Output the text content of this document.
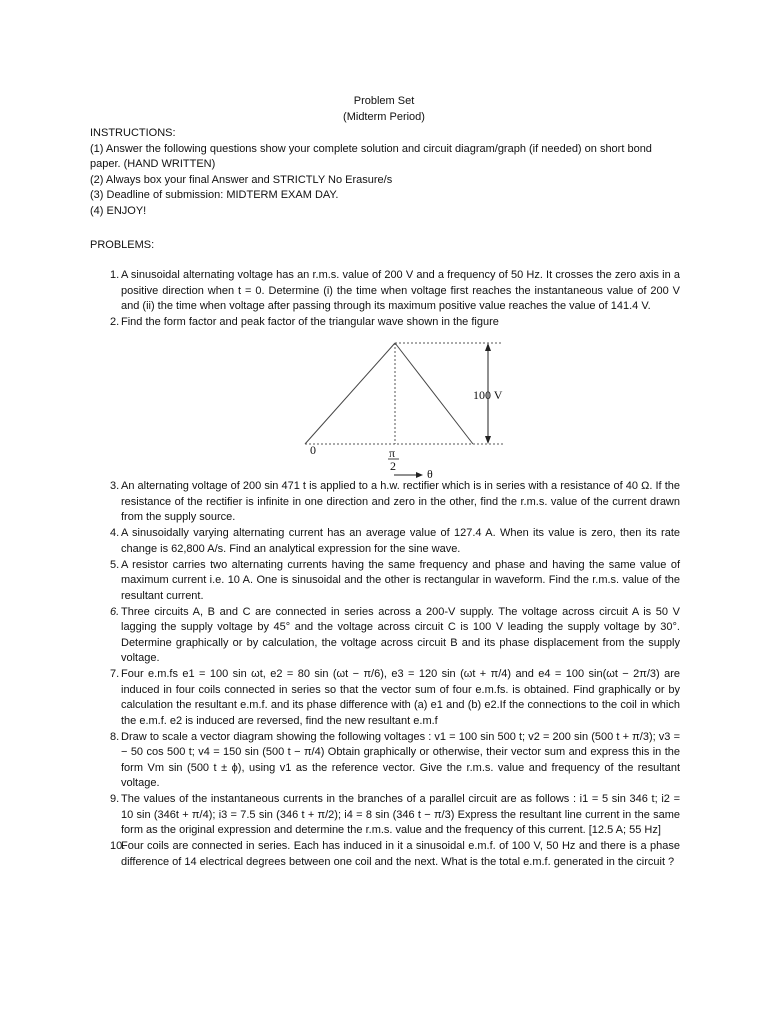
Problem Set
(Midterm Period)
INSTRUCTIONS:
(1) Answer the following questions show your complete solution and circuit diagram/graph (if needed) on short bond paper. (HAND WRITTEN)
(2) Always box your final Answer and STRICTLY No Erasure/s
(3) Deadline of submission: MIDTERM EXAM DAY.
(4) ENJOY!
PROBLEMS:
1. A sinusoidal alternating voltage has an r.m.s. value of 200 V and a frequency of 50 Hz. It crosses the zero axis in a positive direction when t = 0. Determine (i) the time when voltage first reaches the instantaneous value of 200 V and (ii) the time when voltage after passing through its maximum positive value reaches the value of 141.4 V.
2. Find the form factor and peak factor of the triangular wave shown in the figure
100 V
0	π
2
θ
3. An alternating voltage of 200 sin 471 t is applied to a h.w. rectifier which is in series with a resistance of 40 Ω. If the resistance of the rectifier is infinite in one direction and zero in the other, find the r.m.s. value of the current drawn from the supply source.
4. A sinusoidally varying alternating current has an average value of 127.4 A. When its value is zero, then its rate change is 62,800 A/s. Find an analytical expression for the sine wave.
5. A resistor carries two alternating currents having the same frequency and phase and having the same value of maximum current i.e. 10 A. One is sinusoidal and the other is rectangular in waveform. Find the r.m.s. value of the resultant current.
6. Three circuits A, B and C are connected in series across a 200-V supply. The voltage across circuit A is 50 V lagging the supply voltage by 45° and the voltage across circuit C is 100 V leading the supply voltage by 30°. Determine graphically or by calculation, the voltage across circuit B and its phase displacement from the supply voltage.
7. Four e.m.fs e1 = 100 sin ωt, e2 = 80 sin (ωt − π/6), e3 = 120 sin (ωt + π/4) and e4 = 100 sin(ωt − 2π/3) are induced in four coils connected in series so that the vector sum of four e.m.fs. is obtained. Find graphically or by calculation the resultant e.m.f. and its phase difference with (a) e1 and (b) e2.If the connections to the coil in which the e.m.f. e2 is induced are reversed, find the new resultant e.m.f
8. Draw to scale a vector diagram showing the following voltages : v1 = 100 sin 500 t; v2 = 200 sin (500 t + π/3); v3 = − 50 cos 500 t; v4 = 150 sin (500 t − π/4) Obtain graphically or otherwise, their vector sum and express this in the form Vm sin (500 t ± ϕ), using v1 as the reference vector. Give the r.m.s. value and frequency of the resultant voltage.
9. The values of the instantaneous currents in the branches of a parallel circuit are as follows : i1 = 5 sin 346 t; i2 = 10 sin (346t + π/4); i3 = 7.5 sin (346 t + π/2); i4 = 8 sin (346 t − π/3) Express the resultant line current in the same form as the original expression and determine the r.m.s. value and the frequency of this current. [12.5 A; 55 Hz]
10.
Four coils are connected in series. Each has induced in it a sinusoidal e.m.f. of 100 V, 50 Hz and there is a phase difference of 14 electrical degrees between one coil and the next. What is the total e.m.f. generated in the circuit ?
